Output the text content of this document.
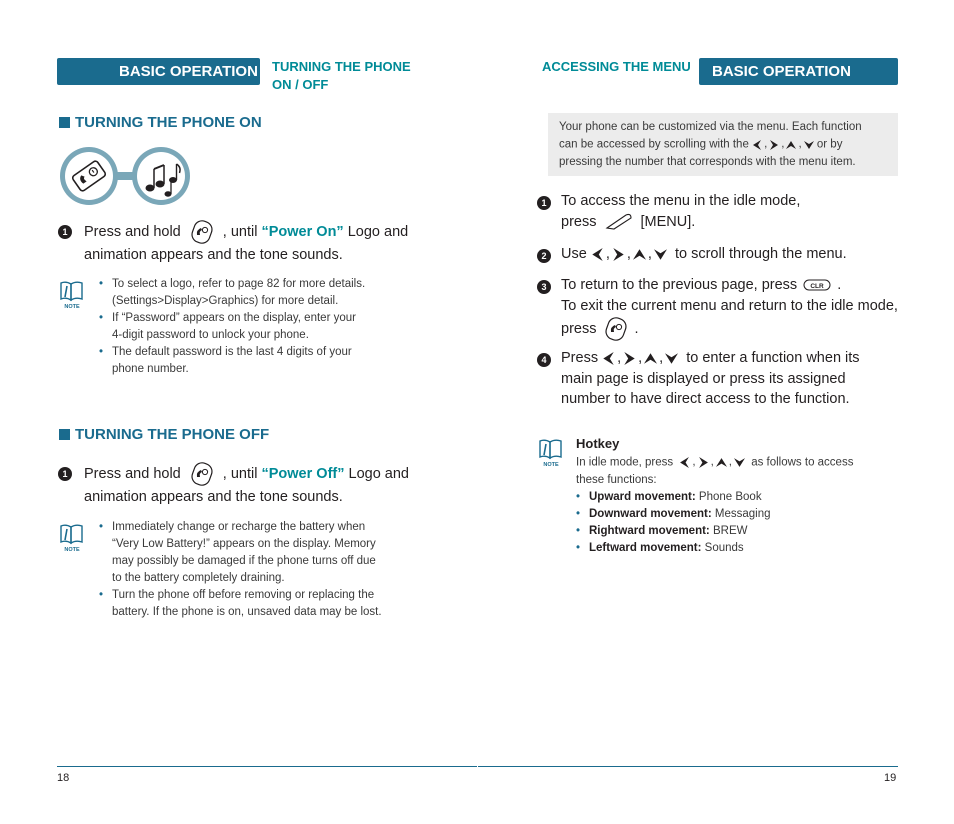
BASIC OPERATION TURNING THE PHONE
ON / OFF
TURNING THE PHONE ON
1	Press and hold	, until “Power On” Logo and
animation appears and the tone sounds.
NOTE
• To select a logo, refer to page 82 for more details.
(Settings>Display>Graphics) for more detail.
• If “Password” appears on the display, enter your
4-digit password to unlock your phone.
• The default password is the last 4 digits of your
phone number.
TURNING THE PHONE OFF
1	Press and hold	, until “Power Off” Logo and
animation appears and the tone sounds.
NOTE
• Immediately change or recharge the battery when
“Very Low Battery!” appears on the display. Memory
may possibly be damaged if the phone turns off due
to the battery completely draining.
• Turn the phone off before removing or replacing the
battery. If the phone is on, unsaved data may be lost.
18
ACCESSING THE MENU	BASIC OPERATION
Your phone can be customized via the menu. Each function
can be accessed by scrolling with the ,
,
,
or by
pressing the number that corresponds with the menu item.
1	To access the menu in the idle mode,
press	[MENU].
2	Use ,
,
,
to scroll through the menu.
3	To return to the previous page, press CLR .
To exit the current menu and return to the idle mode,
press	.
4	Press ,
,
,
to enter a function when its
main page is displayed or press its assigned
number to have direct access to the function.
NOTE
Hotkey
In idle mode, press ,
,
,
as follows to access
these functions:
• Upward movement: Phone Book
• Downward movement: Messaging
• Rightward movement: BREW
• Leftward movement: Sounds
19
